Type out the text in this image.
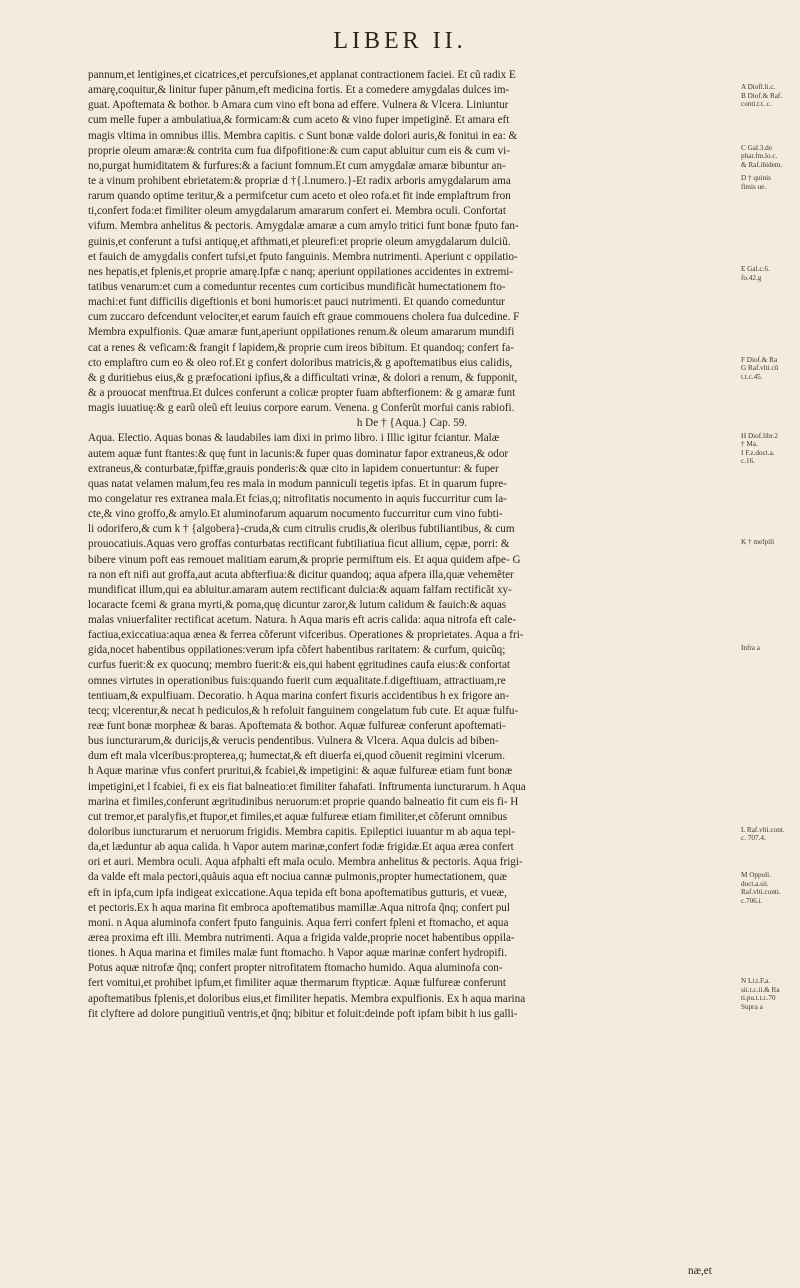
LIBER II.
pannum,et lentigines,et cicatrices,et percufsiones,et applanat contractionem faciei. Et cũ radix E
amarę,coquitur,& linitur fuper pãnum,eft medicina fortis. Et a comedere amygdalas dulces im-
guat. Apoftemata & bothor. b Amara cum vino eft bona ad effere. Vulnera & Vlcera. Liniuntur
cum melle fuper a ambulatiua,& formicam:& cum aceto & vino fuper impetigině. Et amara eft
magis vltima in omnibus illis. Membra capitis. c Sunt bonæ valde dolori auris,& fonitui in ea: &
proprie oleum amaræ:& contrita cum fua difpofitione:& cum caput abluitur cum eis & cum vi-
no,purgat humiditatem & furfures:& a faciunt fomnum.Et cum amygdalæ amaræ bibuntur an-
te a vinum prohibent ebrietatem:& propriæ d †{.l.numero.}-Et radix arboris amygdalarum ama
rarum quando optime teritur,& a permifcetur cum aceto et oleo rofa.et fit inde emplaftrum fron
ti,confert foda:et fimiliter oleum amygdalarum amararum confert ei. Membra oculi. Confortat
vifum. Membra anhelitus & pectoris. Amygdalæ amaræ a cum amylo tritici funt bonæ fputo fan-
guinis,et conferunt a tufsi antiquę,et afthmati,et pleurefi:et proprie oleum amygdalarum dulciũ.
et fauich de amygdalis confert tufsi,et fputo fanguinis. Membra nutrimenti. Aperiunt c oppilatio-
nes hepatis,et fplenis,et proprie amarę.Ipfæ c nanq; aperiunt oppilationes accidentes in extremi-
tatibus venarum:et cum a comeduntur recentes cum corticibus mundificãt humectationem fto-
machi:et funt difficilis digeftionis et boni humoris:et pauci nutrimenti. Et quando comeduntur
cum zuccaro defcendunt velociter,et earum fauich eft graue commouens cholera fua dulcedine. F
Membra expulfionis. Quæ amaræ funt,aperiunt oppilationes renum.& oleum amararum mundifi
cat a renes & veficam:& frangit f lapidem,& proprie cum ireos bibitum. Et quandoq; confert fa-
cto emplaftro cum eo & oleo rof.Et g confert doloribus matricis,& g apoftematibus eius calidis,
& g duritiebus eius,& g præfocationi ipfius,& a difficultati vrinæ, & dolori a renum, & fupponit,
& a prouocat menftrua.Et dulces conferunt a colicæ propter fuam abfterfionem: & g amaræ funt
magis iuuatiuę:& g earũ oleũ eft leuius corpore earum. Venena. g Conferũt morfui canis rabiofi.
h De † {Aqua.} Cap. 59.
Aqua. Electio. Aquas bonas & laudabiles iam dixi in primo libro. i Illic igitur fciantur. Malæ
autem aquæ funt ftantes:& quę funt in lacunis:& fuper quas dominatur fapor extraneus,& odor
extraneus,& conturbatæ,fpiffæ,grauis ponderis:& quæ cito in lapidem conuertuntur: & fuper
quas natat velamen malum,feu res mala in modum panniculi tegetis ipfas. Et in quarum fupre-
mo congelatur res extranea mala.Et fcias,q; nitrofitatis nocumento in aquis fuccurritur cum la-
cte,& vino groffo,& amylo.Et aluminofarum aquarum nocumento fuccurritur cum vino fubti-
li odorifero,& cum k † {algobera}-cruda,& cum citrulis crudis,& oleribus fubtiliantibus, & cum
prouocatiuis.Aquas vero groffas conturbatas rectificant fubtiliatiua ficut allium, cępæ, porri: &
bibere vinum poft eas remouet malitiam earum,& proprie permiftum eis. Et aqua quidem afpe- G
ra non eft nifi aut groffa,aut acuta abfterfiua:& dicitur quandoq; aqua afpera illa,quæ vehemẽter
mundificat illum,qui ea abluitur.amaram autem rectificant dulcia:& aquam falfam rectificãt xy-
locaracte fcemi & grana myrti,& poma,quę dicuntur zaror,& lutum calidum & fauich:& aquas
malas vniuerfaliter rectificat acetum. Natura. h Aqua maris eft acris calida: aqua nitrofa eft cale-
factiua,exiccatiua:aqua ænea & ferrea cõferunt vifceribus. Operationes & proprietates. Aqua a fri-
gida,nocet habentibus oppilationes:verum ipfa cõfert habentibus raritatem: & curfum, quicũq;
curfus fuerit:& ex quocunq; membro fuerit:& eis,qui habent ęgritudines caufa eius:& confortat
omnes virtutes in operationibus fuis:quando fuerit cum æqualitate.f.digeftiuam, attractiuam,re
tentiuam,& expulfiuam. Decoratio. h Aqua marina confert fixuris accidentibus h ex frigore an-
tecq; vlcerentur,& necat h pediculos,& h refoluit fanguinem congelatum fub cute. Et aquæ fulfu-
reæ funt bonæ morpheæ & baras. Apoftemata & bothor. Aquæ fulfureæ conferunt apoftemati-
bus iuncturarum,& duricijs,& verucis pendentibus. Vulnera & Vlcera. Aqua dulcis ad biben-
dum eft mala vlceribus:propterea,q; humectat,& eft diuerfa ei,quod cõuenit regimini vlcerum.
h Aquæ marinæ vfus confert pruritui,& fcabiei,& impetigini: & aquæ fulfureæ etiam funt bonæ
impetigini,et l fcabiei, fi ex eis fiat balneatio:et fimiliter fahafati. Inftrumenta iuncturarum. h Aqua
marina et fimiles,conferunt ægritudinibus neruorum:et proprie quando balneatio fit cum eis fi- H
cut tremor,et paralyfis,et ftupor,et fimiles,et aquæ fulfureæ etiam fimiliter,et cõferunt omnibus
doloribus iuncturarum et neruorum frigidis. Membra capitis. Epileptici iuuantur m ab aqua tepi-
da,et læduntur ab aqua calida. h Vapor autem marinæ,confert fodæ frigidæ.Et aqua ærea confert
ori et auri. Membra oculi. Aqua afphalti eft mala oculo. Membra anhelitus & pectoris. Aqua frigi-
da valde eft mala pectori,quãuis aqua eft nociua cannæ pulmonis,propter humectationem, quæ
eft in ipfa,cum ipfa indigeat exiccatione.Aqua tepida eft bona apoftematibus gutturis, et vueæ,
et pectoris.Ex h aqua marina fit embroca apoftematibus mamillæ.Aqua nitrofa q̃nq; confert pul
moni. n Aqua aluminofa confert fputo fanguinis. Aqua ferri confert fpleni et ftomacho, et aqua
ærea proxima eft illi. Membra nutrimenti. Aqua a frigida valde,proprie nocet habentibus oppila-
tiones. h Aqua marina et fimiles malæ funt ftomacho. h Vapor aquæ marinæ confert hydropifi.
Potus aquæ nitrofæ q̃nq; confert propter nitrofitatem ftomacho humido. Aqua aluminofa con-
fert vomitui,et prohibet ipfum,et fimiliter aquæ thermarum ftypticæ. Aquæ fulfureæ conferunt
apoftematibus fplenis,et doloribus eius,et fimiliter hepatis. Membra expulfionis. Ex h aqua marina
fit clyftere ad dolore pungitiuũ ventris,et q̃nq; bibitur et foluit:deinde poft ipfam bibit h ius galli-
A Diofl.li.c.
B Diof.& Raf.
conti.t.t. c.
C Gal.3.de
phar.fm.lo.c.
& Raf.ibidem.
D † quinis
fimis ue.
E Gal.c.6.
fo.42.g
F Diof.& Ra
G Raf.vlti.cũ
t.t.c.45.
H Diof.libr.2
† Ma.
I F.z.doct.a.
c.16.
K † mefpili
Infra a
L Raf.vlti.cont.
c. 707.4.
M Oppoli.
doct.a.sii.
Raf.vlti.conti.
c.706.i.
N Li.t.F.a.
sii.t.c.ii.& Ra
ti.pu.t.t.c.70
Supra a
næ,et
